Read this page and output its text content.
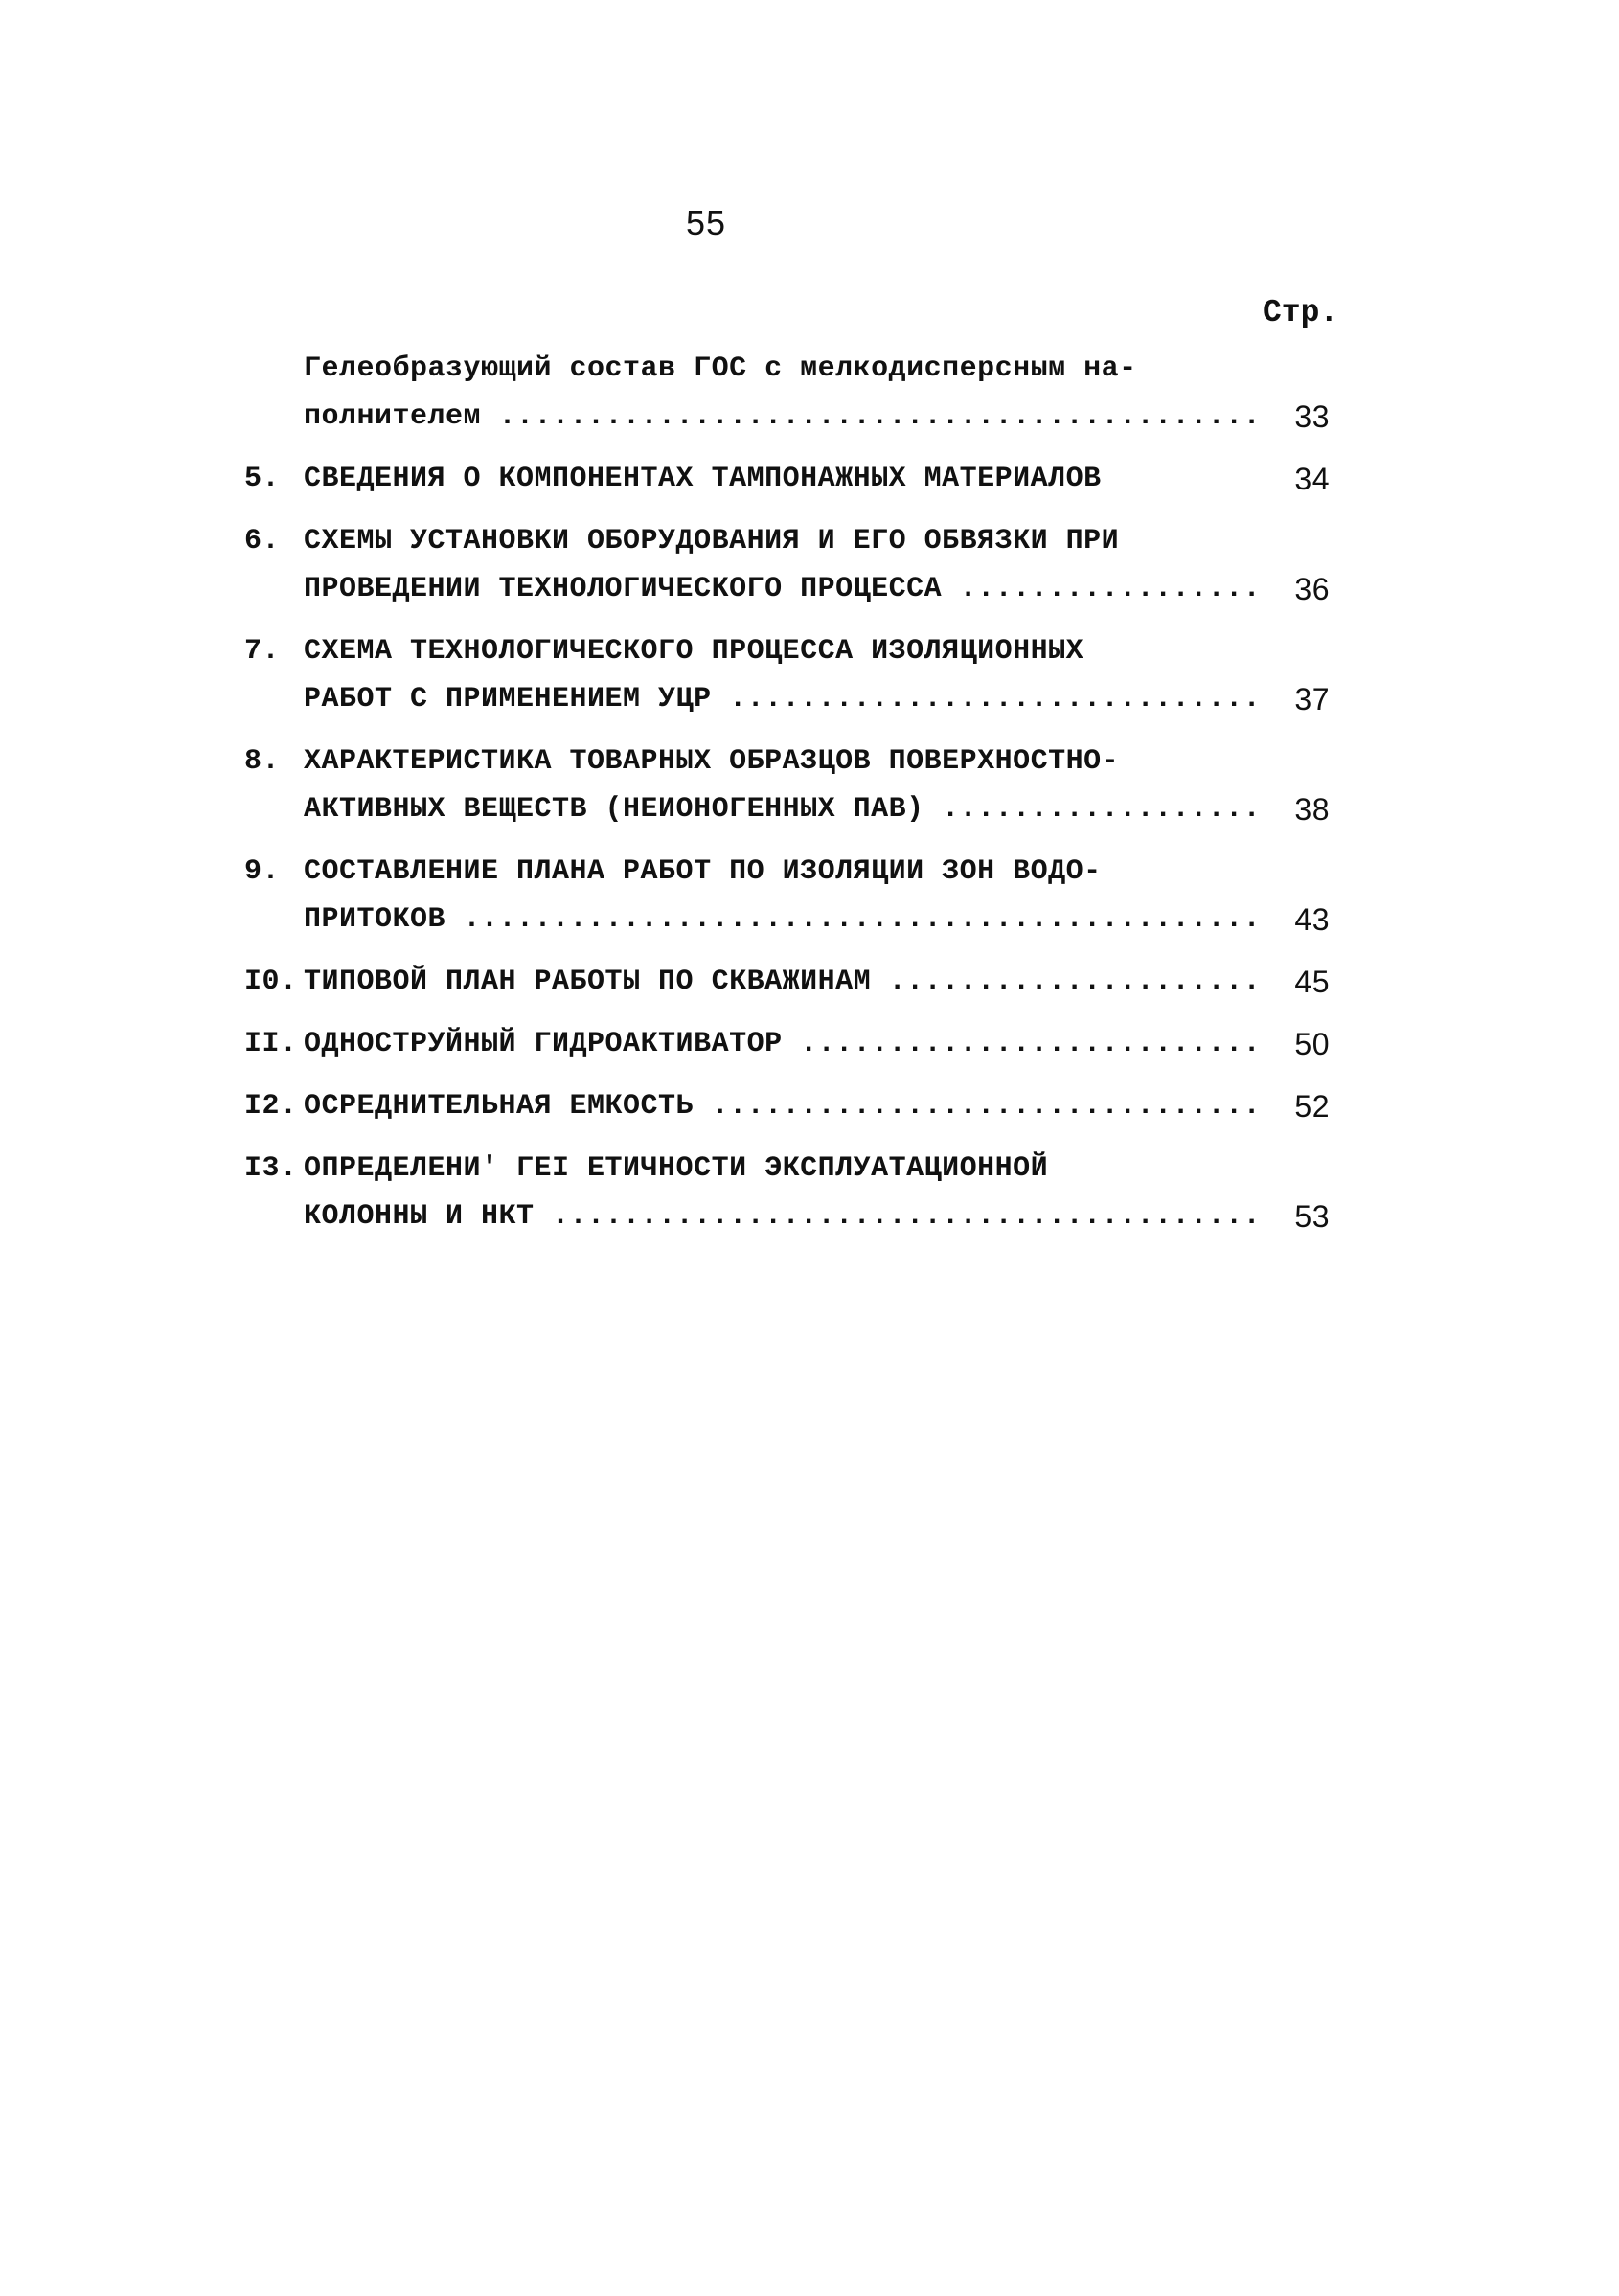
55
Стр.
Гелеобразующий состав ГОС с мелкодисперсным на-
полнителем .....	33
5. СВЕДЕНИЯ О КОМПОНЕНТАХ ТАМПОНАЖНЫХ МАТЕРИАЛОВ	34
6. СХЕМЫ УСТАНОВКИ ОБОРУДОВАНИЯ И ЕГО ОБВЯЗКИ ПРИ
ПРОВЕДЕНИИ ТЕХНОЛОГИЧЕСКОГО ПРОЦЕССА .....	36
7. СХЕМА ТЕХНОЛОГИЧЕСКОГО ПРОЦЕССА ИЗОЛЯЦИОННЫХ
РАБОТ С ПРИМЕНЕНИЕМ УЦР .....	37
8. ХАРАКТЕРИСТИКА ТОВАРНЫХ ОБРАЗЦОВ ПОВЕРХНОСТНО-
АКТИВНЫХ ВЕЩЕСТВ (НЕИОНОГЕННЫХ ПАВ) .....	38
9. СОСТАВЛЕНИЕ ПЛАНА РАБОТ ПО ИЗОЛЯЦИИ ЗОН ВОДО-
ПРИТОКОВ .....	43
I0. ТИПОВОЙ ПЛАН РАБОТЫ ПО СКВАЖИНАМ .....	45
II. ОДНОСТРУЙНЫЙ ГИДРОАКТИВАТОР .....	50
I2. ОСРЕДНИТЕЛЬНАЯ ЕМКОСТЬ .....	52
I3. ОПРЕДЕЛЕНИ' ГЕІ ЕТИЧНОСТИ ЭКСПЛУАТАЦИОННОЙ
КОЛОННЫ И НКТ .....	53
